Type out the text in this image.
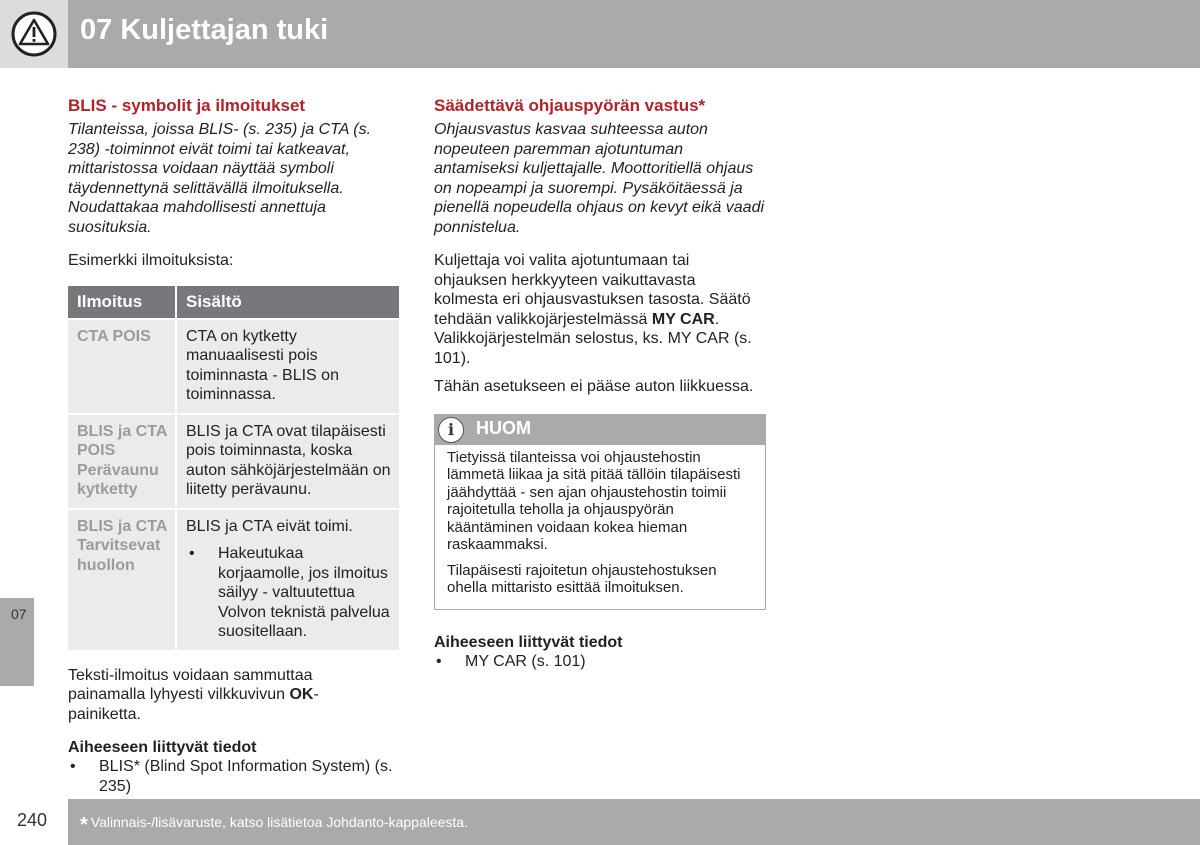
07 Kuljettajan tuki
07
BLIS - symbolit ja ilmoitukset

Tilanteissa, joissa BLIS- (s. 235) ja CTA (s. 238) -toiminnot eivät toimi tai katkeavat, mittaristossa voidaan näyttää symboli täydennettynä selittävällä ilmoituksella. Noudattakaa mahdollisesti annettuja suosituksia.

Esimerkki ilmoituksista:

Ilmoitus	Sisältö
CTA POIS	CTA on kytketty manuaalisesti pois toiminnasta - BLIS on toiminnassa.
BLIS ja CTA POIS Perävaunu kytketty	BLIS ja CTA ovat tilapäisesti pois toiminnasta, koska auton sähköjärjestelmään on liitetty perävaunu.
BLIS ja CTA Tarvitsevat huollon	BLIS ja CTA eivät toimi.
• Hakeutukaa korjaamolle, jos ilmoitus säilyy - valtuutettua Volvon teknistä palvelua suositellaan.

Teksti-ilmoitus voidaan sammuttaa painamalla lyhyesti vilkkuvivun OK-painiketta.

Aiheeseen liittyvät tiedot
•	BLIS* (Blind Spot Information System) (s. 235)
Säädettävä ohjauspyörän vastus*

Ohjausvastus kasvaa suhteessa auton nopeuteen paremman ajotuntuman antamiseksi kuljettajalle. Moottoritiellä ohjaus on nopeampi ja suorempi. Pysäköitäessä ja pienellä nopeudella ohjaus on kevyt eikä vaadi ponnistelua.

Kuljettaja voi valita ajotuntumaan tai ohjauksen herkkyyteen vaikuttavasta kolmesta eri ohjausvastuksen tasosta. Säätö tehdään valikkojärjestelmässä MY CAR. Valikkojärjestelmän selostus, ks. MY CAR (s. 101).

Tähän asetukseen ei pääse auton liikkuessa.

i	HUOM

Tietyissä tilanteissa voi ohjaustehostin lämmetä liikaa ja sitä pitää tällöin tilapäisesti jäähdyttää - sen ajan ohjaustehostin toimii rajoitetulla teholla ja ohjauspyörän kääntäminen voidaan kokea hieman raskaammaksi.

Tilapäisesti rajoitetun ohjaustehostuksen ohella mittaristo esittää ilmoituksen.

Aiheeseen liittyvät tiedot
•	MY CAR (s. 101)
240 * Valinnais-/lisävaruste, katso lisätietoa Johdanto-kappaleesta.
